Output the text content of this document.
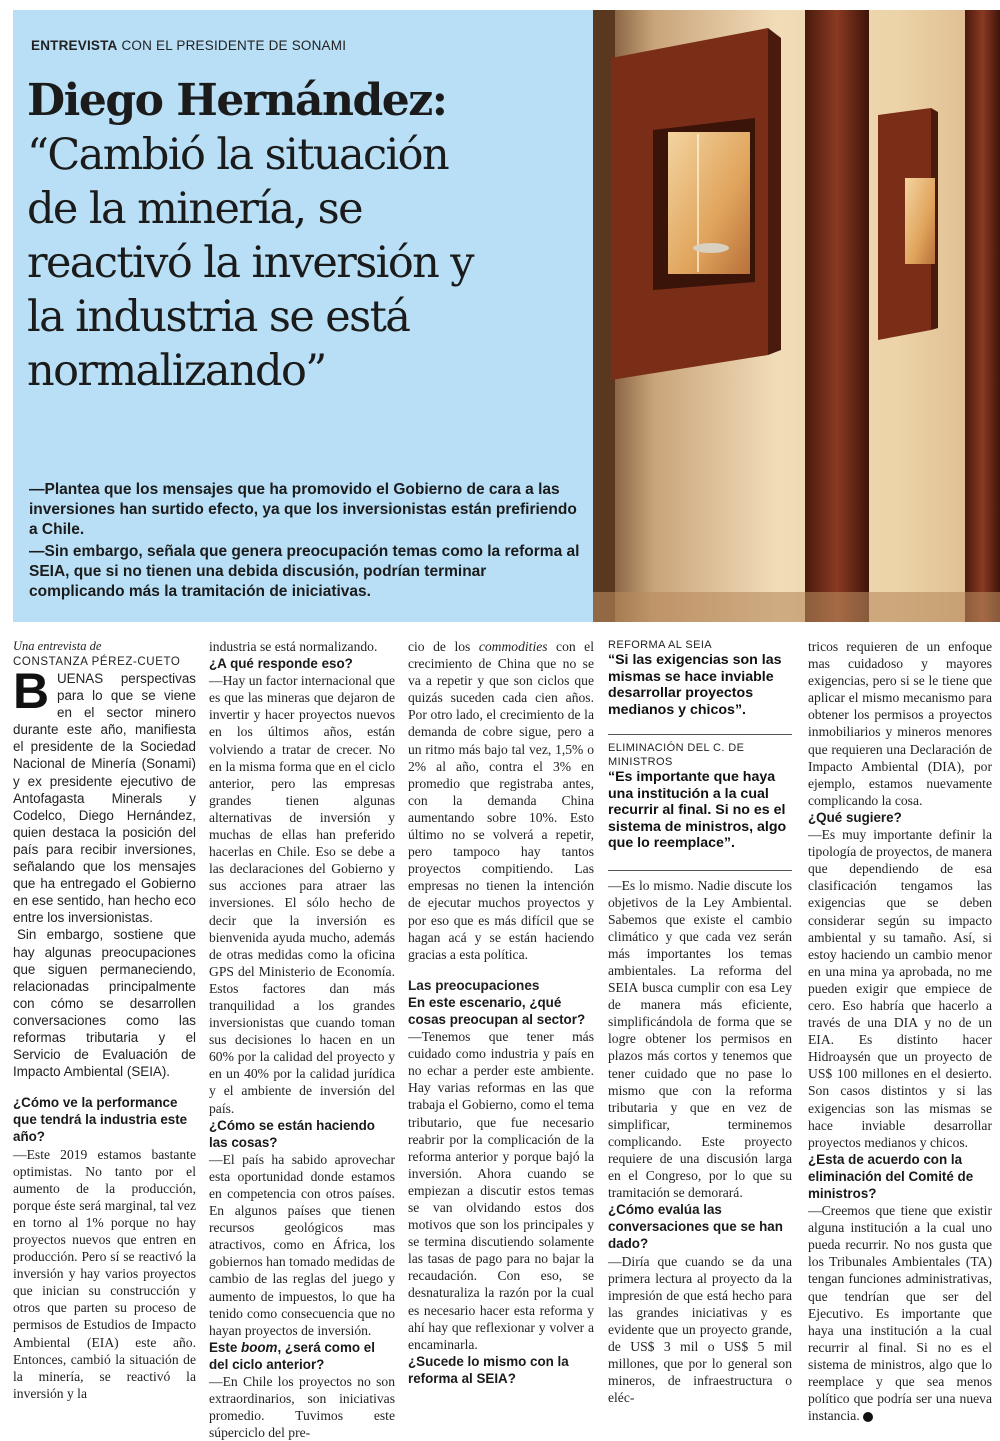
ENTREVISTA CON EL PRESIDENTE DE SONAMI
Diego Hernández:
“Cambió la situación
de la minería, se
reactivó la inversión y
la industria se está
normalizando”

—Plantea que los mensajes que ha promovido el Gobierno de cara a las inversiones han surtido efecto, ya que los inversionistas están prefiriendo a Chile.

—Sin embargo, señala que genera preocupación temas como la reforma al SEIA, que si no tienen una debida discusión, podrían terminar complicando más la tramitación de iniciativas.

Una entrevista de

CONSTANZA PÉREZ-CUETO

BUENAS perspectivas para lo que se viene en el sector minero durante este año, manifiesta el presidente de la Sociedad Nacional de Minería (Sonami) y ex presidente ejecutivo de Antofagasta Minerals y Codelco, Diego Hernández, quien destaca la posición del país para recibir inversiones, señalando que los mensajes que ha entregado el Gobierno en ese sentido, han hecho eco entre los inversionistas.

Sin embargo, sostiene que hay algunas preocupaciones que siguen permaneciendo, relacionadas principalmente con cómo se desarrollen conversaciones como las reformas tributaria y el Servicio de Evaluación de Impacto Ambiental (SEIA).

¿Cómo ve la performance que tendrá la industria este año?

—Este 2019 estamos bastante optimistas. No tanto por el aumento de la producción, porque éste será marginal, tal vez en torno al 1% porque no hay proyectos nuevos que entren en producción. Pero sí se reactivó la inversión y hay varios proyectos que inician su construcción y otros que parten su proceso de permisos de Estudios de Impacto Ambiental (EIA) este año. Entonces, cambió la situación de la minería, se reactivó la inversión y la

industria se está normalizando.

¿A qué responde eso?

—Hay un factor internacional que es que las mineras que dejaron de invertir y hacer proyectos nuevos en los últimos años, están volviendo a tratar de crecer. No en la misma forma que en el ciclo anterior, pero las empresas grandes tienen algunas alternativas de inversión y muchas de ellas han preferido hacerlas en Chile. Eso se debe a las declaraciones del Gobierno y sus acciones para atraer las inversiones. El sólo hecho de decir que la inversión es bienvenida ayuda mucho, además de otras medidas como la oficina GPS del Ministerio de Economía. Estos factores dan más tranquilidad a los grandes inversionistas que cuando toman sus decisiones lo hacen en un 60% por la calidad del proyecto y en un 40% por la calidad jurídica y el ambiente de inversión del país.

¿Cómo se están haciendo las cosas?

—El país ha sabido aprovechar esta oportunidad donde estamos en competencia con otros países. En algunos países que tienen recursos geológicos mas atractivos, como en África, los gobiernos han tomado medidas de cambio de las reglas del juego y aumento de impuestos, lo que ha tenido como consecuencia que no hayan proyectos de inversión.

Este boom, ¿será como el del ciclo anterior?

—En Chile los proyectos no son extraordinarios, son iniciativas promedio. Tuvimos este súperciclo del pre-

cio de los commodities con el crecimiento de China que no se va a repetir y que son ciclos que quizás suceden cada cien años. Por otro lado, el crecimiento de la demanda de cobre sigue, pero a un ritmo más bajo tal vez, 1,5% o 2% al año, contra el 3% en promedio que registraba antes, con la demanda China aumentando sobre 10%. Esto último no se volverá a repetir, pero tampoco hay tantos proyectos compitiendo. Las empresas no tienen la intención de ejecutar muchos proyectos y por eso que es más difícil que se hagan acá y se están haciendo gracias a esta política.

Las preocupaciones

En este escenario, ¿qué cosas preocupan al sector?

—Tenemos que tener más cuidado como industria y país en no echar a perder este ambiente. Hay varias reformas en las que trabaja el Gobierno, como el tema tributario, que fue necesario reabrir por la complicación de la reforma anterior y porque bajó la inversión. Ahora cuando se empiezan a discutir estos temas se van olvidando estos dos motivos que son los principales y se termina discutiendo solamente las tasas de pago para no bajar la recaudación. Con eso, se desnaturaliza la razón por la cual es necesario hacer esta reforma y ahí hay que reflexionar y volver a encaminarla.

¿Sucede lo mismo con la reforma al SEIA?

REFORMA AL SEIA

“Si las exigencias son las mismas se hace inviable desarrollar proyectos medianos y chicos”.

ELIMINACIÓN DEL C. DE MINISTROS

“Es importante que haya una institución a la cual recurrir al final. Si no es el sistema de ministros, algo que lo reemplace”.

—Es lo mismo. Nadie discute los objetivos de la Ley Ambiental. Sabemos que existe el cambio climático y que cada vez serán más importantes los temas ambientales. La reforma del SEIA busca cumplir con esa Ley de manera más eficiente, simplificándola de forma que se logre obtener los permisos en plazos más cortos y tenemos que tener cuidado que no pase lo mismo que con la reforma tributaria y que en vez de simplificar, terminemos complicando. Este proyecto requiere de una discusión larga en el Congreso, por lo que su tramitación se demorará.

¿Cómo evalúa las conversaciones que se han dado?

—Diría que cuando se da una primera lectura al proyecto da la impresión de que está hecho para las grandes iniciativas y es evidente que un proyecto grande, de US$ 3 mil o US$ 5 mil millones, que por lo general son mineros, de infraestructura o eléc-

tricos requieren de un enfoque mas cuidadoso y mayores exigencias, pero si se le tiene que aplicar el mismo mecanismo para obtener los permisos a proyectos inmobiliarios y mineros menores que requieren una Declaración de Impacto Ambiental (DIA), por ejemplo, estamos nuevamente complicando la cosa.

¿Qué sugiere?

—Es muy importante definir la tipología de proyectos, de manera que dependiendo de esa clasificación tengamos las exigencias que se deben considerar según su impacto ambiental y su tamaño. Así, si estoy haciendo un cambio menor en una mina ya aprobada, no me pueden exigir que empiece de cero. Eso habría que hacerlo a través de una DIA y no de un EIA. Es distinto hacer Hidroaysén que un proyecto de US$ 100 millones en el desierto. Son casos distintos y si las exigencias son las mismas se hace inviable desarrollar proyectos medianos y chicos.

¿Esta de acuerdo con la eliminación del Comité de ministros?

—Creemos que tiene que existir alguna institución a la cual uno pueda recurrir. No nos gusta que los Tribunales Ambientales (TA) tengan funciones administrativas, que tendrían que ser del Ejecutivo. Es importante que haya una institución a la cual recurrir al final. Si no es el sistema de ministros, algo que lo reemplace y que sea menos político que podría ser una nueva instancia.
